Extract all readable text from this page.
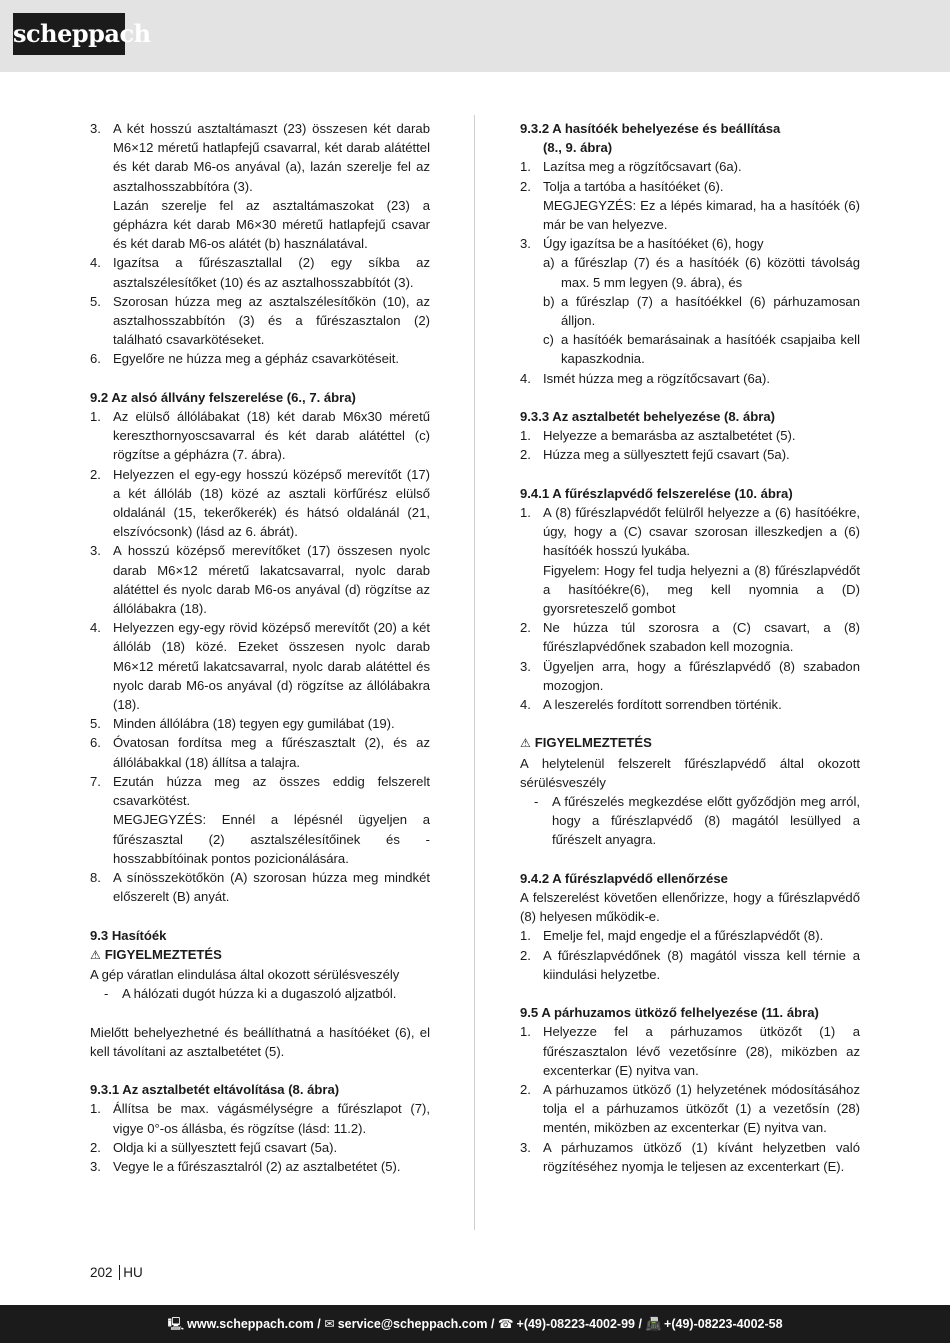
scheppach
3. A két hosszú asztaltámaszt (23) összesen két darab M6×12 méretű hatlapfejű csavarral, két darab alátéttel és két darab M6-os anyával (a), lazán szerelje fel az asztalhosszabbítóra (3).
Lazán szerelje fel az asztaltámaszokat (23) a gépházra két darab M6×30 méretű hatlapfejű csavar és két darab M6-os alátét (b) használatával.
4. Igazítsa a fűrészasztallal (2) egy síkba az asztalszélesítőket (10) és az asztalhosszabbítót (3).
5. Szorosan húzza meg az asztalszélesítőkön (10), az asztalhosszabbítón (3) és a fűrészasztalon (2) található csavarkötéseket.
6. Egyelőre ne húzza meg a gépház csavarkötéseit.
9.2 Az alsó állvány felszerelése (6., 7. ábra)
1. Az elülső állólábakat (18) két darab M6x30 méretű kereszthornyoscsavarral és két darab alátéttel (c) rögzítse a gépházra (7. ábra).
2. Helyezzen el egy-egy hosszú középső merevítőt (17) a két állóláb (18) közé az asztali körfűrész elülső oldalánál (15, tekerőkerék) és hátsó oldalánál (21, elszívócsonk) (lásd az 6. ábrát).
3. A hosszú középső merevítőket (17) összesen nyolc darab M6×12 méretű lakatcsavarral, nyolc darab alátéttel és nyolc darab M6-os anyával (d) rögzítse az állólábakra (18).
4. Helyezzen egy-egy rövid középső merevítőt (20) a két állóláb (18) közé. Ezeket összesen nyolc darab M6×12 méretű lakatcsavarral, nyolc darab alátéttel és nyolc darab M6-os anyával (d) rögzítse az állólábakra (18).
5. Minden állólábra (18) tegyen egy gumilábat (19).
6. Óvatosan fordítsa meg a fűrészasztalt (2), és az állólábakkal (18) állítsa a talajra.
7. Ezután húzza meg az összes eddig felszerelt csavarkötést.
MEGJEGYZÉS: Ennél a lépésnél ügyeljen a fűrészasztal (2) asztalszélesítőinek és -hosszabbítóinak pontos pozicionálására.
8. A sínösszekötőkön (A) szorosan húzza meg mindkét előszerelt (B) anyát.
9.3 Hasítóék
⚠ FIGYELMEZTETÉS
A gép váratlan elindulása által okozott sérülésveszély
- A hálózati dugót húzza ki a dugaszoló aljzatból.
Mielőtt behelyezhetné és beállíthatná a hasítóéket (6), el kell távolítani az asztalbetétet (5).
9.3.1 Az asztalbetét eltávolítása (8. ábra)
1. Állítsa be max. vágásmélységre a fűrészlapot (7), vigye 0°-os állásba, és rögzítse (lásd: 11.2).
2. Oldja ki a süllyesztett fejű csavart (5a).
3. Vegye le a fűrészasztalról (2) az asztalbetétet (5).
9.3.2 A hasítóék behelyezése és beállítása
(8., 9. ábra)
1. Lazítsa meg a rögzítőcsavart (6a).
2. Tolja a tartóba a hasítóéket (6).
MEGJEGYZÉS: Ez a lépés kimarad, ha a hasítóék (6) már be van helyezve.
3. Úgy igazítsa be a hasítóéket (6), hogy
a) a fűrészlap (7) és a hasítóék (6) közötti távolság max. 5 mm legyen (9. ábra), és
b) a fűrészlap (7) a hasítóékkel (6) párhuzamosan álljon.
c) a hasítóék bemarásainak a hasítóék csapjaiba kell kapaszkodnia.
4. Ismét húzza meg a rögzítőcsavart (6a).
9.3.3 Az asztalbetét behelyezése (8. ábra)
1. Helyezze a bemarásba az asztalbetétet (5).
2. Húzza meg a süllyesztett fejű csavart (5a).
9.4.1 A fűrészlapvédő felszerelése (10. ábra)
1. A (8) fűrészlapvédőt felülről helyezze a (6) hasítóékre, úgy, hogy a (C) csavar szorosan illeszkedjen a (6) hasítóék hosszú lyukába.
Figyelem: Hogy fel tudja helyezni a (8) fűrészlapvédőt a hasítóékre(6), meg kell nyomnia a (D) gyorsreteszelő gombot
2. Ne húzza túl szorosra a (C) csavart, a (8) fűrészlapvédőnek szabadon kell mozognia.
3. Ügyeljen arra, hogy a fűrészlapvédő (8) szabadon mozogjon.
4. A leszerelés fordított sorrendben történik.
⚠ FIGYELMEZTETÉS
A helytelenül felszerelt fűrészlapvédő által okozott sérülésveszély
- A fűrészelés megkezdése előtt győződjön meg arról, hogy a fűrészlapvédő (8) magától lesüllyed a fűrészelt anyagra.
9.4.2 A fűrészlapvédő ellenőrzése
A felszerelést követően ellenőrizze, hogy a fűrészlapvédő (8) helyesen működik-e.
1. Emelje fel, majd engedje el a fűrészlapvédőt (8).
2. A fűrészlapvédőnek (8) magától vissza kell térnie a kiindulási helyzetbe.
9.5 A párhuzamos ütköző felhelyezése (11. ábra)
1. Helyezze fel a párhuzamos ütközőt (1) a fűrészasztalon lévő vezetősínre (28), miközben az excenterkar (E) nyitva van.
2. A párhuzamos ütköző (1) helyzetének módosításához tolja el a párhuzamos ütközőt (1) a vezetősín (28) mentén, miközben az excenterkar (E) nyitva van.
3. A párhuzamos ütköző (1) kívánt helyzetben való rögzítéséhez nyomja le teljesen az excenterkart (E).
202 HU
🖳 www.scheppach.com / ✉ service@scheppach.com / ☎ +(49)-08223-4002-99 / 📠 +(49)-08223-4002-58
